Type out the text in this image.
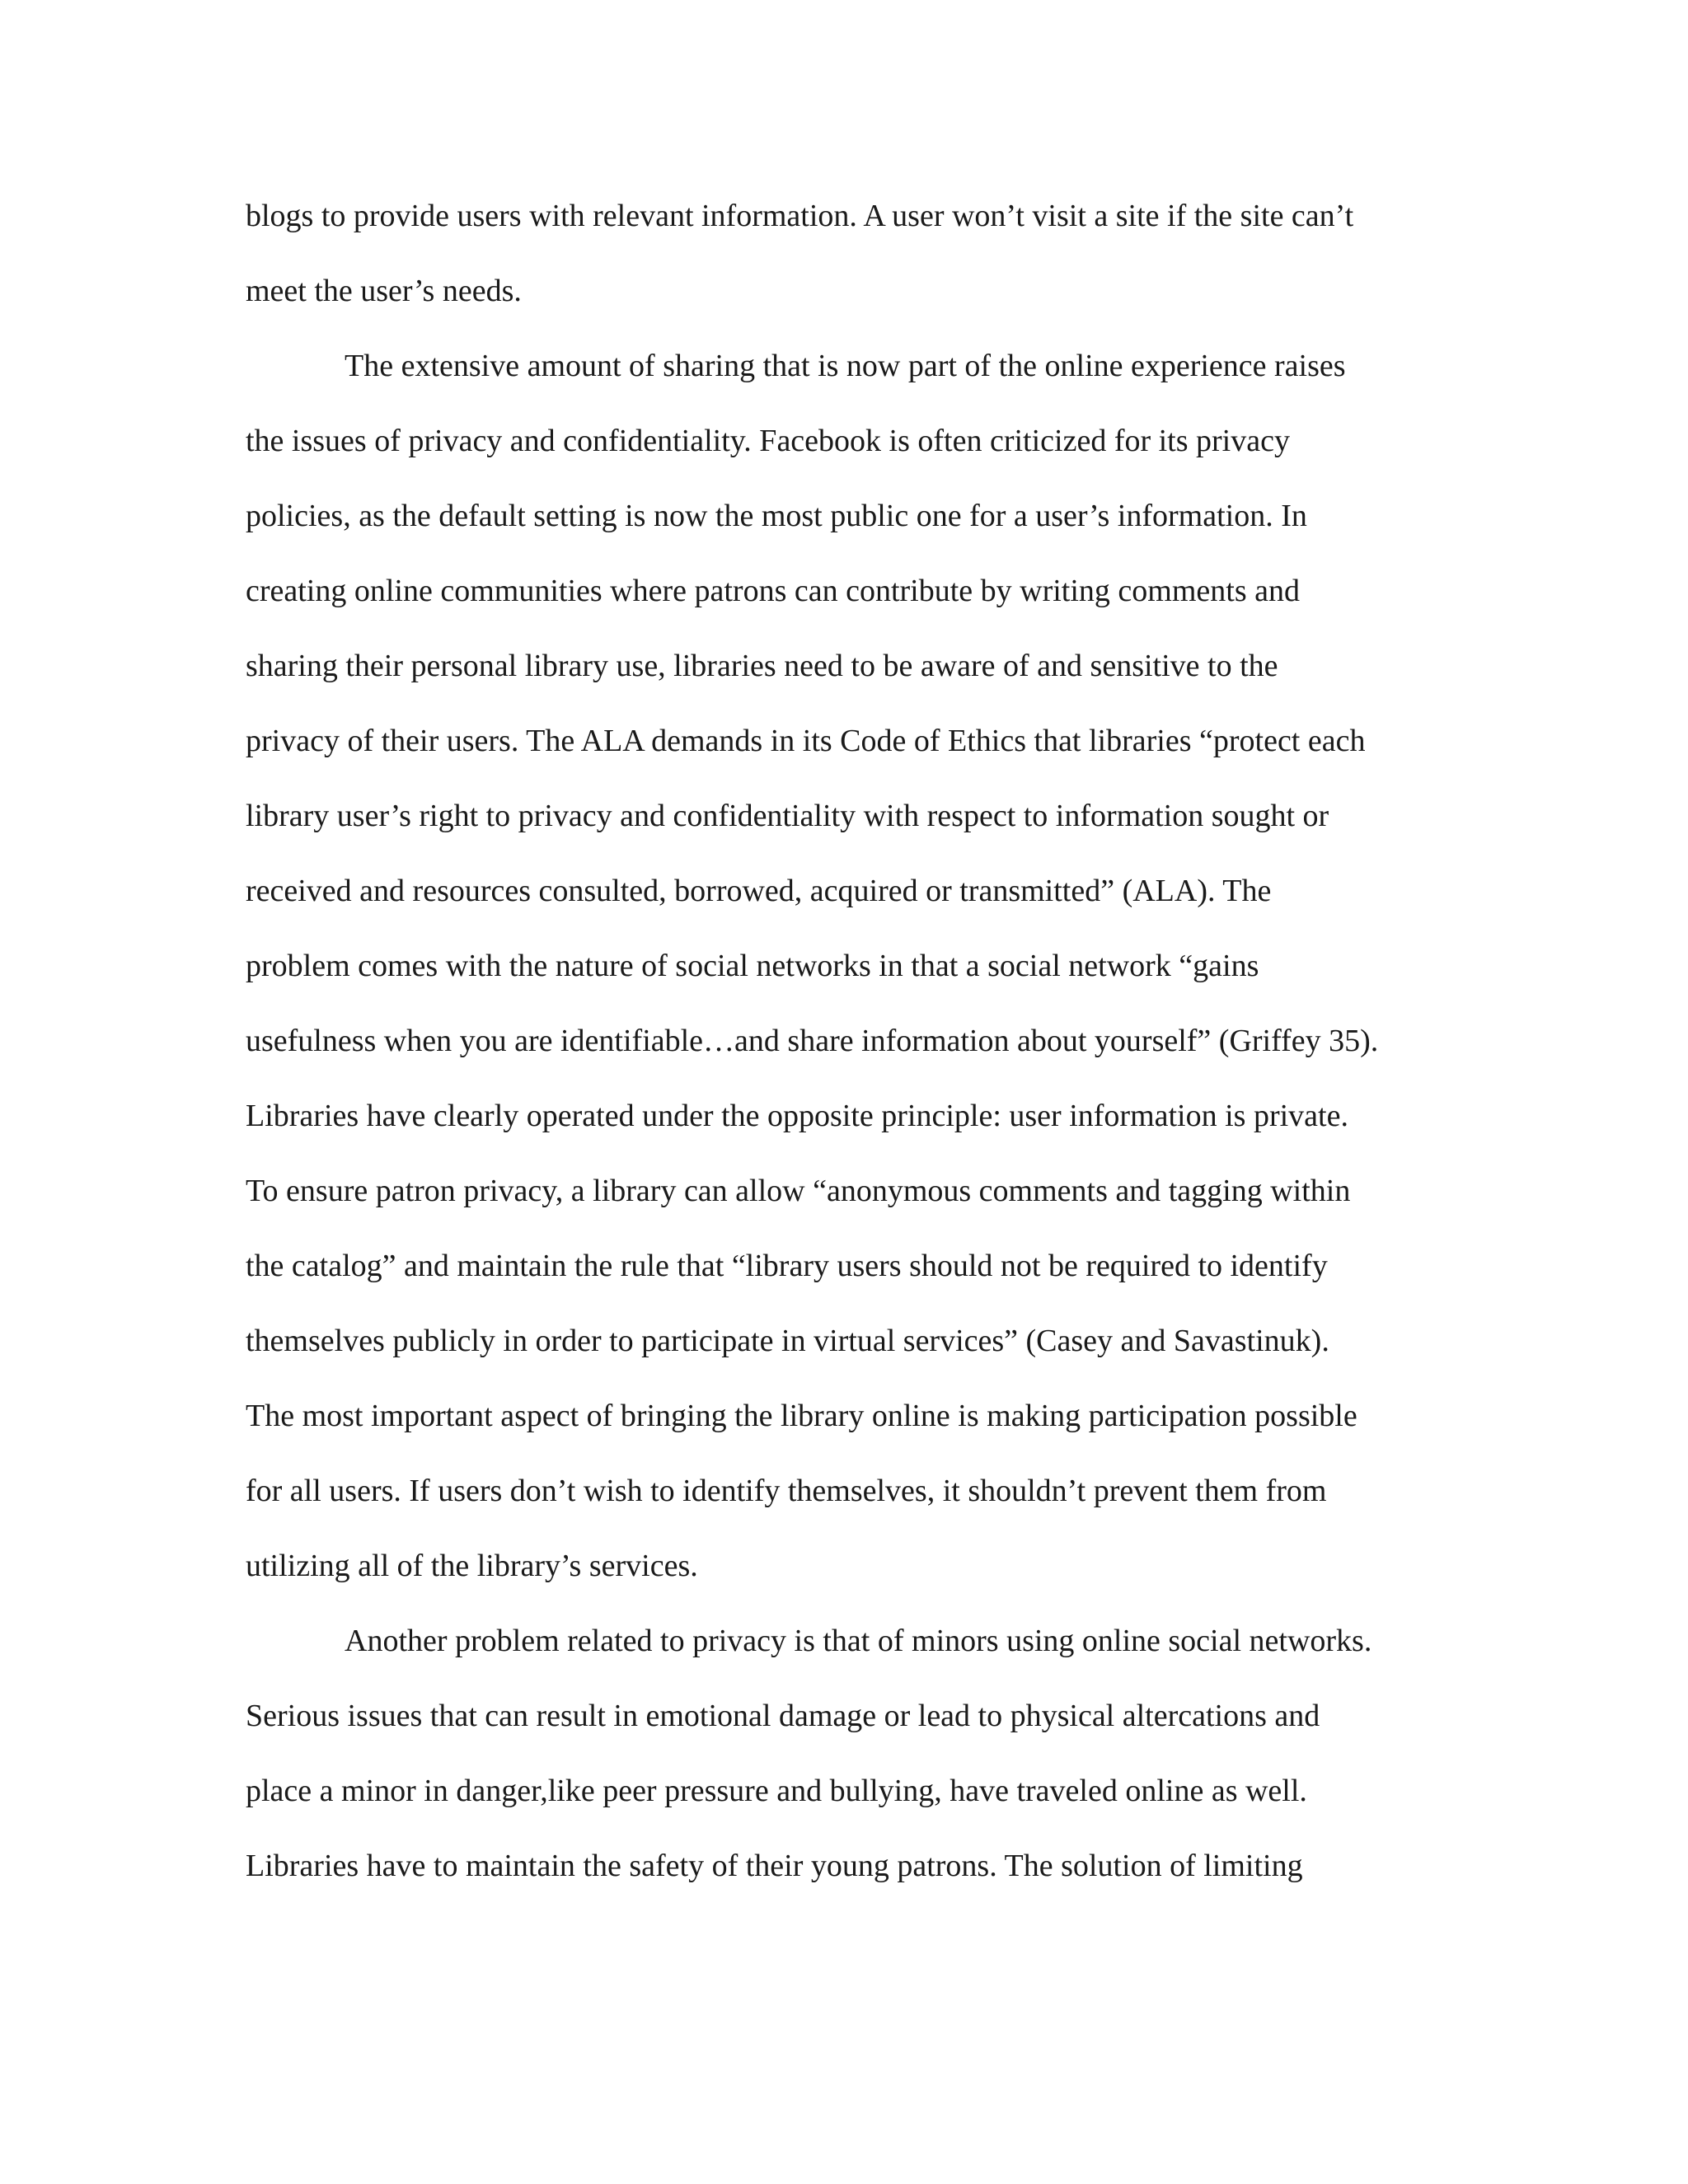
blogs to provide users with relevant information. A user won’t visit a site if the site can’t
meet the user’s needs.
The extensive amount of sharing that is now part of the online experience raises
the issues of privacy and confidentiality. Facebook is often criticized for its privacy
policies, as the default setting is now the most public one for a user’s information. In
creating online communities where patrons can contribute by writing comments and
sharing their personal library use, libraries need to be aware of and sensitive to the
privacy of their users. The ALA demands in its Code of Ethics that libraries “protect each
library user’s right to privacy and confidentiality with respect to information sought or
received and resources consulted, borrowed, acquired or transmitted” (ALA). The
problem comes with the nature of social networks in that a social network “gains
usefulness when you are identifiable…and share information about yourself” (Griffey 35).
Libraries have clearly operated under the opposite principle: user information is private.
To ensure patron privacy, a library can allow “anonymous comments and tagging within
the catalog” and maintain the rule that “library users should not be required to identify
themselves publicly in order to participate in virtual services” (Casey and Savastinuk).
The most important aspect of bringing the library online is making participation possible
for all users. If users don’t wish to identify themselves, it shouldn’t prevent them from
utilizing all of the library’s services.
Another problem related to privacy is that of minors using online social networks.
Serious issues that can result in emotional damage or lead to physical altercations and
place a minor in danger,like peer pressure and bullying, have traveled online as well.
Libraries have to maintain the safety of their young patrons. The solution of limiting
